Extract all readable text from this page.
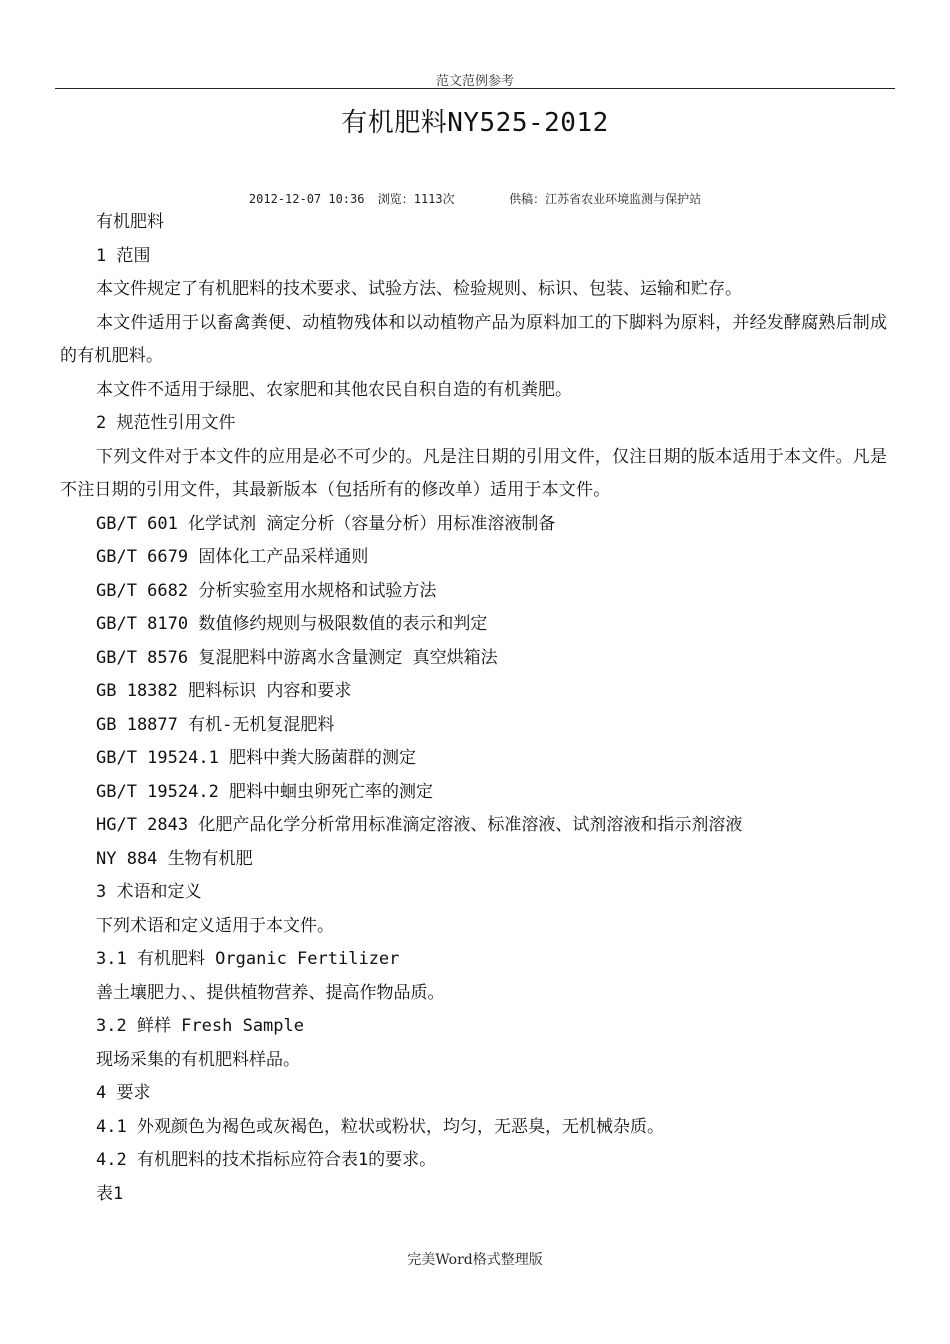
范文范例参考
有机肥料NY525-2012
2012-12-07 10:36 浏览：1113次	供稿：江苏省农业环境监测与保护站

有机肥料

1 范围

本文件规定了有机肥料的技术要求、试验方法、检验规则、标识、包装、运输和贮存。

本文件适用于以畜禽粪便、动植物残体和以动植物产品为原料加工的下脚料为原料，并经发酵腐熟后制成的有机肥料。

本文件不适用于绿肥、农家肥和其他农民自积自造的有机粪肥。

2 规范性引用文件

下列文件对于本文件的应用是必不可少的。凡是注日期的引用文件，仅注日期的版本适用于本文件。凡是不注日期的引用文件，其最新版本（包括所有的修改单）适用于本文件。

GB/T 601 化学试剂 滴定分析（容量分析）用标准溶液制备

GB/T 6679 固体化工产品采样通则

GB/T 6682 分析实验室用水规格和试验方法

GB/T 8170 数值修约规则与极限数值的表示和判定

GB/T 8576 复混肥料中游离水含量测定 真空烘箱法

GB 18382 肥料标识 内容和要求

GB 18877 有机-无机复混肥料

GB/T 19524.1 肥料中粪大肠菌群的测定

GB/T 19524.2 肥料中蛔虫卵死亡率的测定

HG/T 2843 化肥产品化学分析常用标准滴定溶液、标准溶液、试剂溶液和指示剂溶液

NY 884 生物有机肥

3 术语和定义

下列术语和定义适用于本文件。

3.1 有机肥料 Organic Fertilizer

善土壤肥力、、提供植物营养、提高作物品质。

3.2 鲜样 Fresh Sample

现场采集的有机肥料样品。

4 要求

4.1 外观颜色为褐色或灰褐色，粒状或粉状，均匀，无恶臭，无机械杂质。

4.2 有机肥料的技术指标应符合表1的要求。

表1

完美Word格式整理版
